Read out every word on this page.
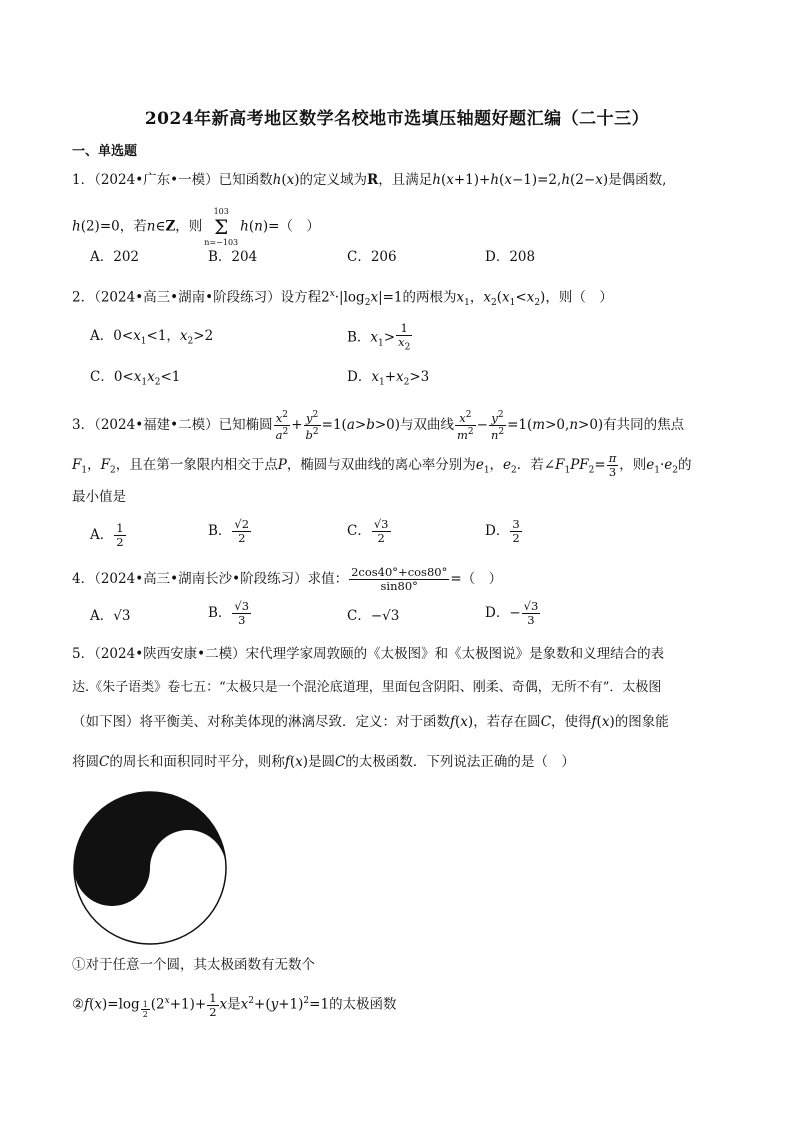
2024年新高考地区数学名校地市选填压轴题好题汇编（二十三）
一、单选题
1．（2024•广东•一模）已知函数h(x)的定义域为R，且满足h(x+1)+h(x−1)=2,h(2−x)是偶函数,
h(2)=0，若n∈Z，则
103
Σ
n=−103
h(n)=（　）
A．202	B．204	C．206	D．208
2．（2024•高三•湖南•阶段练习）设方程$2^x\cdot|\log_2x|=1$的两根为$x_1$，$x_2(x_1<x_2)$，则（　）
A．$0<x_1<1$，$x_2>2$	B．$x_1> \frac{1}{x_2}$
C．$0<x_1x_2<1$	D．$x_1+x_2>3$
3．（2024•福建•二模）已知椭圆 $\frac{x^2}{a^2} + \frac{y^2}{b^2} =1(a>b>0)$与双曲线 $\frac{x^2}{m^2} - \frac{y^2}{n^2} =1(m>0,n>0)$有共同的焦点
$F_1$，$F_2$，且在第一象限内相交于点P，椭圆与双曲线的离心率分别为$e_1$，$e_2$．若$\angle F_1PF_2= \frac{\pi}{3}$ ，则$e_1\cdot e_2$的
最小值是
A． $\frac{1}{2}$	B． $\frac{√2}{2}$	C． $\frac{√3}{2}$	D． $\frac{3}{2}$
4．（2024•高三•湖南长沙•阶段练习）求值： $\frac{2\cos 40^\circ+\cos 80^\circ}{\sin 80^\circ}$ =（　）
A．√3	B． $\frac{√3}{3}$	C．−√3	D．− $\frac{√3}{3}$
5．（2024•陕西安康•二模）宋代理学家周敦颐的《太极图》和《太极图说》是象数和义理结合的表
达.《朱子语类》卷七五：“太极只是一个混沦底道理，里面包含阴阳、刚柔、奇偶，无所不有”．太极图
（如下图）将平衡美、对称美体现的淋漓尽致．定义：对于函数f(x)，若存在圆C，使得f(x)的图象能
将圆C的周长和面积同时平分，则称f(x)是圆C的太极函数．下列说法正确的是（　）
①对于任意一个圆，其太极函数有无数个
②f(x)=log $_{\frac{1}{2}}$ $(2^x+1)+ \frac{1}{2}$ x是$x^2+(y+1)^2=1$的太极函数
